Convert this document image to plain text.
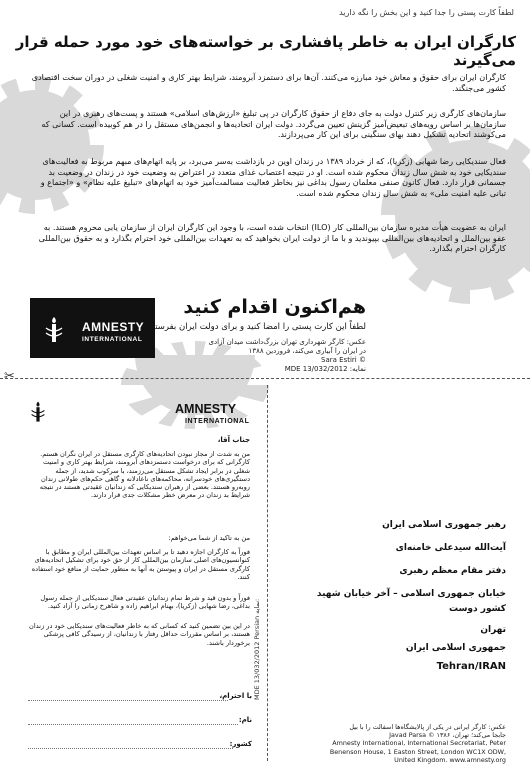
لطفاً کارت پستی را جدا کنید و این بخش را نگه دارید
کارگران ایران به خاطر پافشاری بر خواسته‌های خود مورد حمله قرار می‌گیرند
کارگران ایران برای حقوق و معاش خود مبارزه می‌کنند. آن‌ها برای دستمزد آبرومند، شرایط بهتر کاری و امنیت شغلی در دوران سخت اقتصادی کشور می‌جنگند.
سازمان‌های کارگری زیر کنترل دولت به جای دفاع از حقوق کارگران در پی تبلیغ «ارزش‌های اسلامی» هستند و پست‌های رهبری در این سازمان‌ها بر اساس رویه‌های تبعیض‌آمیز گزینش تعیین می‌گردد. دولت ایران اتحادیه‌ها و انجمن‌های مستقل را در هم کوبیده است. کسانی که می‌کوشند اتحادیه تشکیل دهند بهای سنگینی برای این کار می‌پردازند.
فعال سندیکایی رضا شهابی (زکریا)، که از خرداد ۱۳۸۹ در زندان اوین در بازداشت به‌سر می‌برد، بر پایه اتهام‌های مبهم مربوط به فعالیت‌های سندیکایی خود به شش سال زندان محکوم شده است. او در نتیجه اعتصاب غذای متعدد در اعتراض به وضعیت خود در زندان در وضعیت بد جسمانی قرار دارد. فعال کانون صنفی معلمان رسول بداغی نیز بخاطر فعالیت مسالمت‌آمیز خود به اتهام‌های «تبلیغ علیه نظام» و «اجتماع و تبانی علیه امنیت ملی» به شش سال زندان محکوم شده است.
ایران به عضویت هیأت مدیره سازمان بین‌المللی کار (ILO) انتخاب شده است، با وجود این کارگران ایران از سازمان یابی محروم هستند. به عفو بین‌الملل و اتحادیه‌های بین‌المللی بپیوندید و با ما از دولت ایران بخواهید که به تعهدات بین‌المللی خود احترام بگذارد و به حقوق بین‌المللی کارگران احترام بگذارد.
AMNESTY
INTERNATIONAL
هم‌اکنون اقدام کنید
لطفاً این کارت پستی را امضا کنید و برای دولت ایران بفرستید
عکس: کارگر شهرداری تهران بزرگ‌داشت میدان آزادی
در ایران را آبیاری می‌کند، فروردین ۱۳۸۸
© Sara Estiri
نمایه: MDE 13/032/2012
✂
AMNESTY
INTERNATIONAL
جناب آقا،
من به شدت از مجاز نبودن اتحادیه‌های کارگری مستقل در ایران نگران هستم. کارگرانی که برای درخواست دستمزدهای آبرومند، شرایط بهتر کاری و امنیت شغلی در برابر ایجاد تشکل مستقل می‌رزمند، با سرکوب شدید، از جمله دستگیری‌های خودسرانه، محاکمه‌های ناعادلانه و گاهی حکم‌های طولانی زندان روبه‌رو هستند. بعضی از رهبران سندیکایی که زندانیان عقیدتی هستند در نتیجه شرایط بد زندان در معرض خطر مشکلات جدی قرار دارند.
من به تاکید از شما می‌خواهم:
فوراً به کارگران اجازه دهید تا بر اساس تعهدات بین‌المللی ایران و مطابق با کنوانسیون‌های اصلی سازمان بین‌المللی کار از حق خود برای تشکیل اتحادیه‌های کارگری مستقل در ایران و پیوستن به آنها به منظور حمایت از منافع خود استفاده کنند.
فوراً و بدون قید و شرط تمام زندانیان عقیدتی فعال سندیکایی از جمله رسول بداغی، رضا شهابی (زکریا)، بهنام ابراهیم زاده و شاهرخ زمانی را آزاد کنید.
در این بین تضمین کنید که کسانی که به خاطر فعالیت‌های سندیکایی خود در زندان هستند، بر اساس مقررات حداقل رفتار با زندانیان، از رسیدگی کافی پزشکی برخوردار باشند.
با احترام،
نام:
کشور:
MDE 13/032/2012 Persian نمایه:
رهبر جمهوری اسلامی ایران
آیت‌الله سیدعلی خامنه‌ای
دفتر مقام معظم رهبری
خیابان جمهوری اسلامی – آخر خیابان شهید
کشور دوست
تهران
جمهوری اسلامی ایران
Tehran/IRAN
عکس: کارگر ایرانی در یکی از پالایشگاه‌ها اسفالت را با بیل
جابجا می‌کند؛ تهران، ۱۳۸۶ © Javad Parsa
Amnesty International, International Secretariat, Peter
Benenson House, 1 Easton Street, London WC1X ODW,
United Kingdom. www.amnesty.org
